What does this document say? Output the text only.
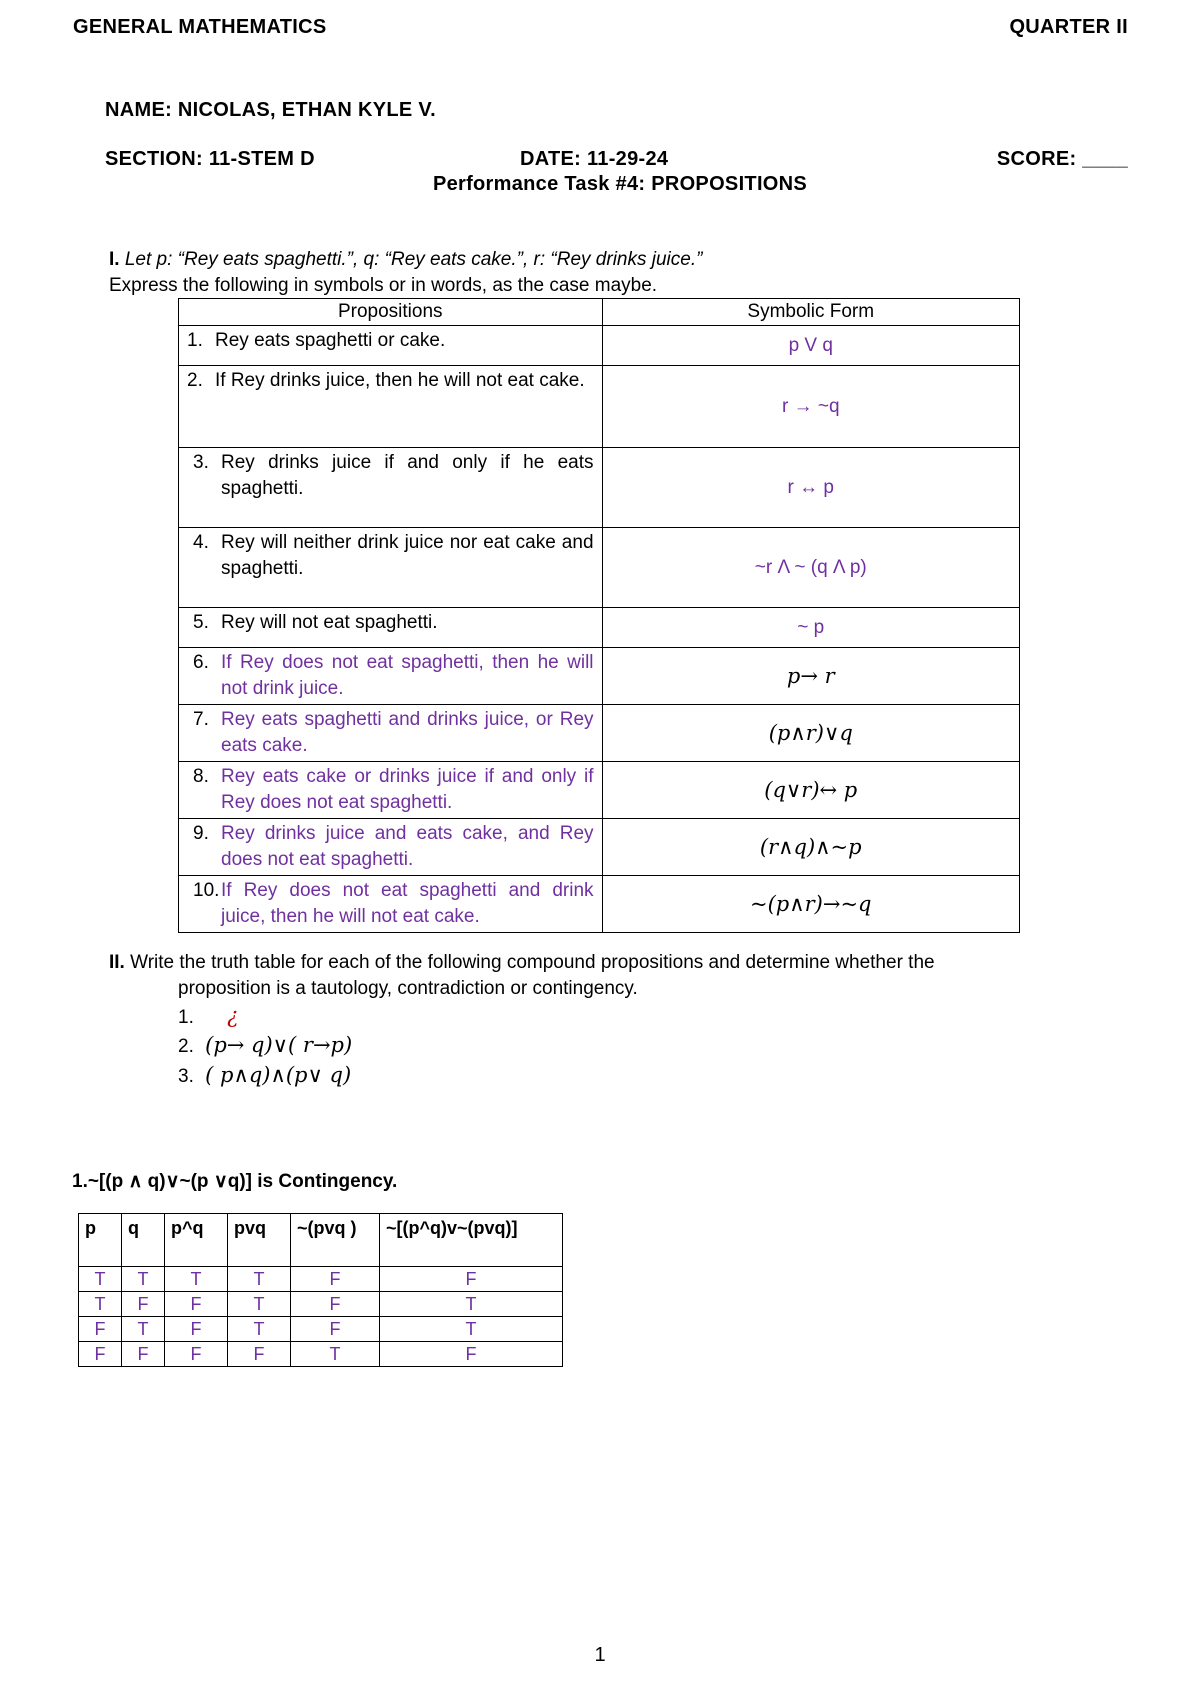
GENERAL MATHEMATICS	QUARTER II
NAME: NICOLAS, ETHAN KYLE V.
SECTION: 11-STEM D	DATE: 11-29-24	SCORE: ____
Performance Task #4: PROPOSITIONS
I. Let p: “Rey eats spaghetti.”, q: “Rey eats cake.”, r: “Rey drinks juice.”
Express the following in symbols or in words, as the case maybe.
Propositions	Symbolic Form

1. Rey eats spaghetti or cake.	p V q

2. If Rey drinks juice, then he will not eat cake.	r → ~q

3. Rey drinks juice if and only if he eats spaghetti.	r ↔ p

4. Rey will neither drink juice nor eat cake and spaghetti.	~r Λ ~ (q Λ p)

5. Rey will not eat spaghetti.	~ p

6. If Rey does not eat spaghetti, then he will not drink juice.	p→ r

7. Rey eats spaghetti and drinks juice, or Rey eats cake.	(p∧r)∨q

8. Rey eats cake or drinks juice if and only if Rey does not eat spaghetti.	(q∨r)↔ p

9. Rey drinks juice and eats cake, and Rey does not eat spaghetti.	(r∧q)∧~p

10. If Rey does not eat spaghetti and drink juice, then he will not eat cake.	~(p∧r)→~q
II. Write the truth table for each of the following compound propositions and determine whether the
proposition is a tautology, contradiction or contingency.
1. ¿
2. (p→ q)∨( r→p)
3. ( p∧q)∧(p∨ q)
1.~[(p ∧ q)∨~(p ∨q)] is Contingency.
p	q	p^q	pvq	~(pvq )	~[(p^q)v~(pvq)]
T	T	T	T	F	F
T	F	F	T	F	T
F	T	F	T	F	T
F	F	F	F	T	F
1
